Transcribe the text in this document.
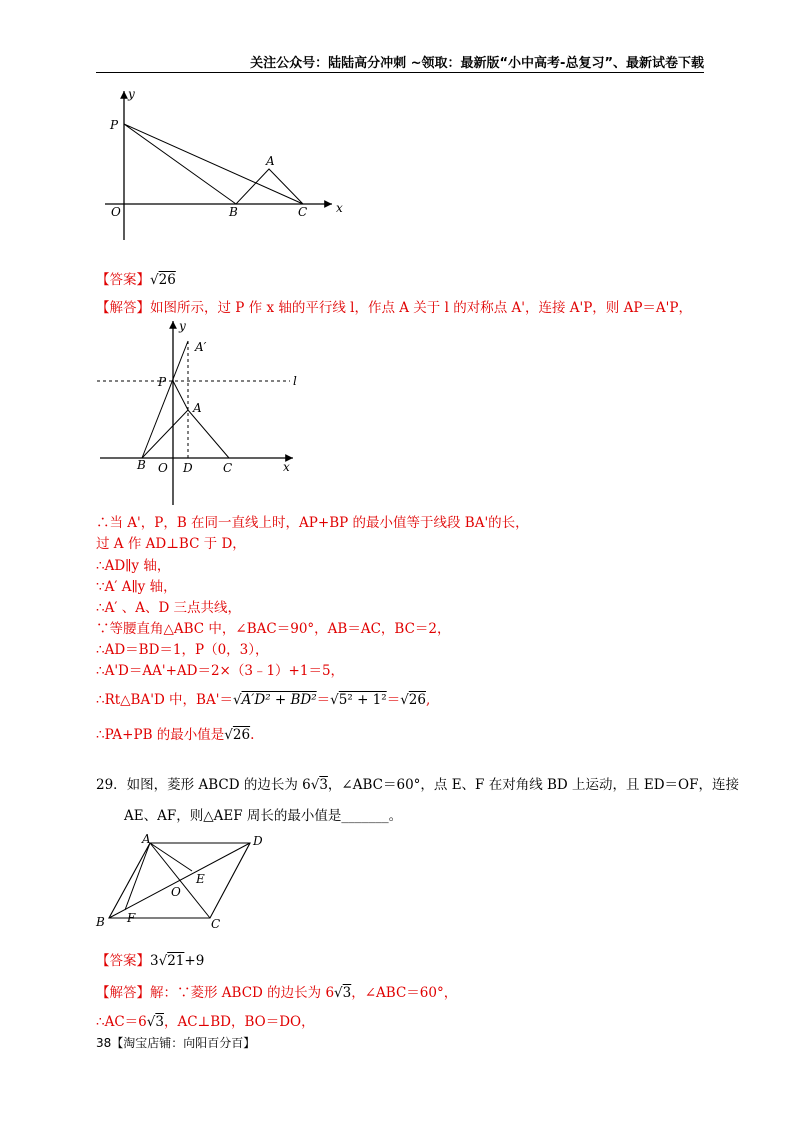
关注公众号：陆陆高分冲刺 ~领取：最新版“小中高考-总复习”、最新试卷下载
y
P
A
O	B	C x
【答案】√26
【解答】如图所示，过 P 作 x 轴的平行线 l，作点 A 关于 l 的对称点 A'，连接 A'P，则 AP＝A'P，
y
A′
P	l
A
B O D	C	x
∴当 A'，P，B 在同一直线上时，AP+BP 的最小值等于线段 BA'的长，
过 A 作 AD⊥BC 于 D，
∴AD∥y 轴，
∵A′ A∥y 轴，
∴A′ 、A、D 三点共线，
∵等腰直角△ABC 中，∠BAC＝90°，AB＝AC，BC＝2，
∴AD＝BD＝1，P（0，3），
∴A'D＝AA'+AD＝2×（3﹣1）+1＝5，
∴Rt△BA'D 中，BA'＝√A′D² + BD²＝√5² + 1²＝√26,
∴PA+PB 的最小值是√26.
29．如图，菱形 ABCD 的边长为 6√3，∠ABC＝60°，点 E、F 在对角线 BD 上运动，且 ED＝OF，连接
AE、AF，则△AEF 周长的最小值是_______。
A	D
E
O
B F	C
【答案】3√21+9
【解答】解：∵菱形 ABCD 的边长为 6√3，∠ABC＝60°，
∴AC＝6√3，AC⊥BD，BO＝DO，
38【淘宝店铺：向阳百分百】
